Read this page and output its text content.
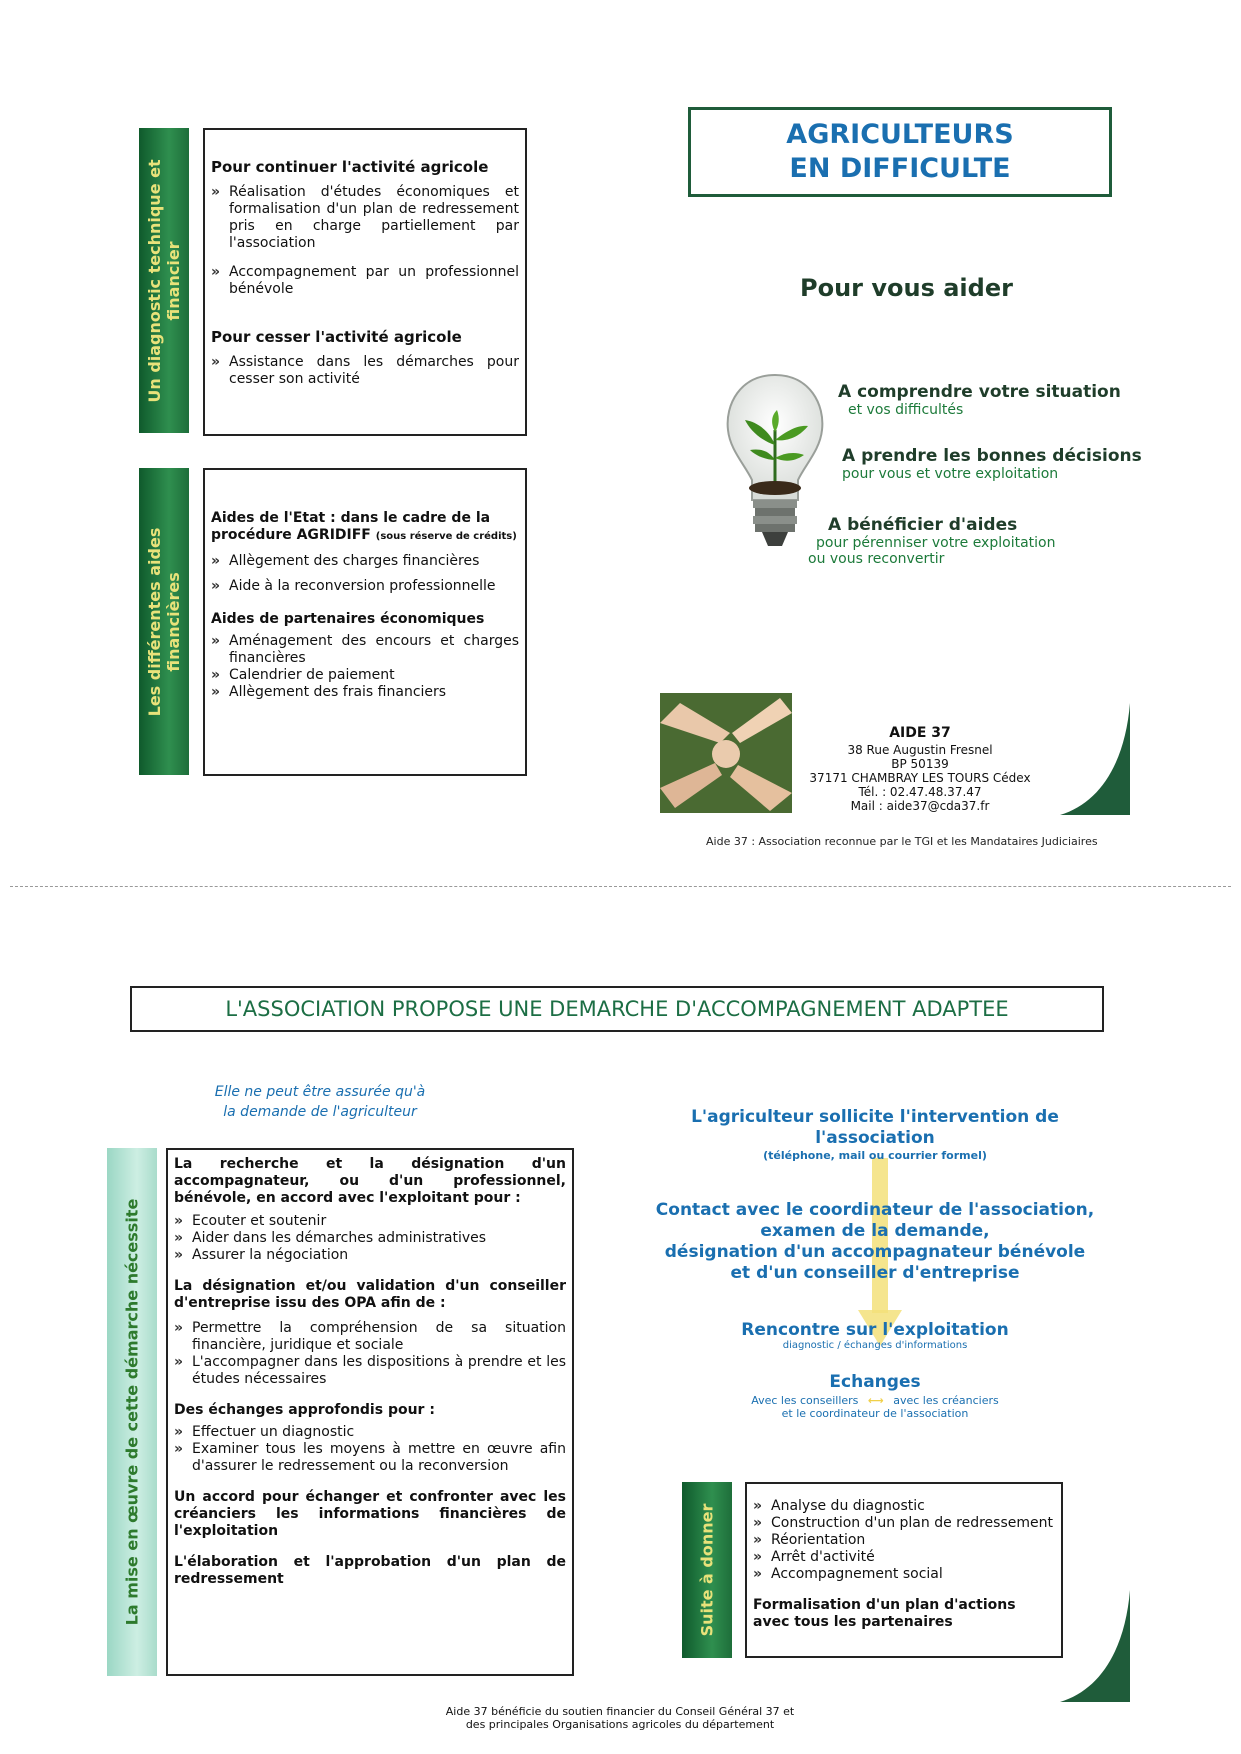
Un diagnostic technique et financier
Pour continuer l'activité agricole

» Réalisation d'études économiques et formalisation d'un plan de redressement pris en charge partiellement par l'association

» Accompagnement par un professionnel bénévole

Pour cesser l'activité agricole

» Assistance dans les démarches pour cesser son activité

Les différentes aides financières
Aides de l'Etat : dans le cadre de la procédure AGRIDIFF (sous réserve de crédits)

» Allègement des charges financières

» Aide à la reconversion professionnelle

Aides de partenaires économiques

» Aménagement des encours et charges financières

» Calendrier de paiement

» Allègement des frais financiers

AGRICULTEURS
EN DIFFICULTE
Pour vous aider
A comprendre votre situation
et vos difficultés
A prendre les bonnes décisions
pour vous et votre exploitation
A bénéficier d'aides
pour pérenniser votre exploitation
ou vous reconvertir
AIDE 37
38 Rue Augustin Fresnel
BP 50139
37171 CHAMBRAY LES TOURS Cédex
Tél. : 02.47.48.37.47
Mail : aide37@cda37.fr
Aide 37 : Association reconnue par le TGI et les Mandataires Judiciaires
L'ASSOCIATION PROPOSE UNE DEMARCHE D'ACCOMPAGNEMENT ADAPTEE
Elle ne peut être assurée qu'à
la demande de l'agriculteur
La mise en œuvre de cette démarche nécessite
La recherche et la désignation d'un accompagnateur, ou d'un professionnel, bénévole, en accord avec l'exploitant pour :

» Ecouter et soutenir

» Aider dans les démarches administratives

» Assurer la négociation

La désignation et/ou validation d'un conseiller d'entreprise issu des OPA afin de :

» Permettre la compréhension de sa situation financière, juridique et sociale

» L'accompagner dans les dispositions à prendre et les études nécessaires

Des échanges approfondis pour :

» Effectuer un diagnostic

» Examiner tous les moyens à mettre en œuvre afin d'assurer le redressement ou la reconversion

Un accord pour échanger et confronter avec les créanciers les informations financières de l'exploitation
L'élaboration et l'approbation d'un plan de redressement
L'agriculteur sollicite l'intervention de
l'association
(téléphone, mail ou courrier formel)
Contact avec le coordinateur de l'association,
examen de la demande,
désignation d'un accompagnateur bénévole
et d'un conseiller d'entreprise
Rencontre sur l'exploitation
diagnostic / échanges d'informations
Echanges
Avec les conseillers ⟷ avec les créanciers
et le coordinateur de l'association
Suite à donner

»	Analyse du diagnostic

» Construction d'un plan de redressement

» Réorientation

» Arrêt d'activité

» Accompagnement social

Formalisation d'un plan d'actions avec tous les partenaires
Aide 37 bénéficie du soutien financier du Conseil Général 37 et
des principales Organisations agricoles du département
